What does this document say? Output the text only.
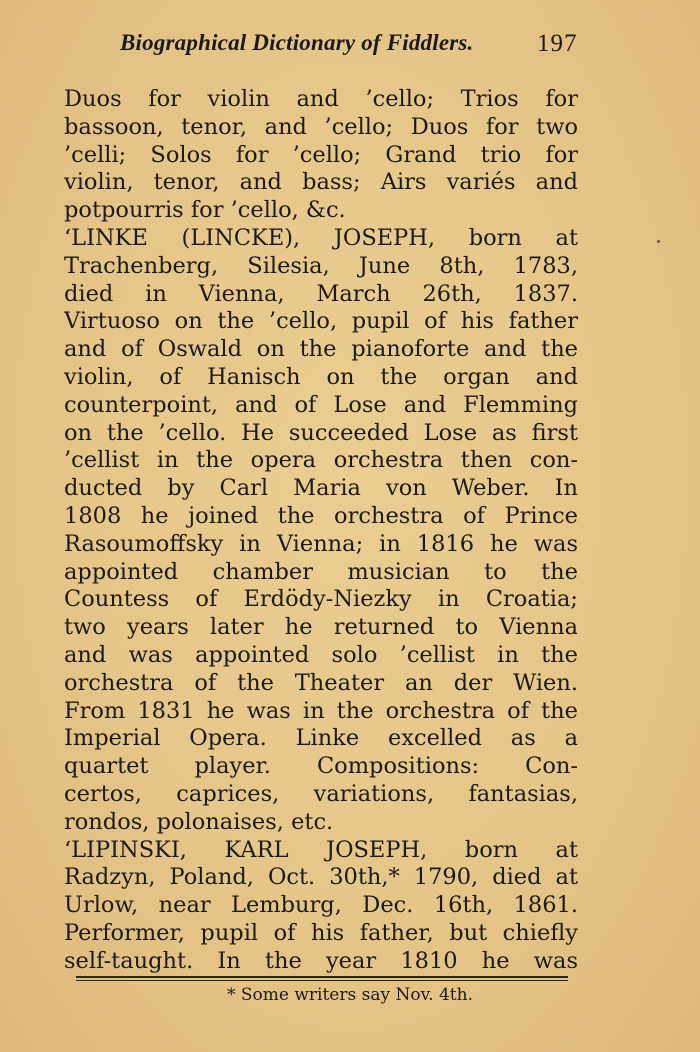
Biographical Dictionary of Fiddlers.	197
Duos for violin and ’cello; Trios for
bassoon, tenor, and ’cello; Duos for two
’celli; Solos for ’cello; Grand trio for
violin, tenor, and bass; Airs variés and
potpourris for ’cello, &c.
‘LINKE (LINCKE), JOSEPH, born at
Trachenberg, Silesia, June 8th, 1783,
died in Vienna, March 26th, 1837.
Virtuoso on the ’cello, pupil of his father
and of Oswald on the pianoforte and the
violin, of Hanisch on the organ and
counterpoint, and of Lose and Flemming
on the ’cello. He succeeded Lose as first
’cellist in the opera orchestra then con-
ducted by Carl Maria von Weber. In
1808 he joined the orchestra of Prince
Rasoumoffsky in Vienna; in 1816 he was
appointed chamber musician to the
Countess of Erdödy-Niezky in Croatia;
two years later he returned to Vienna
and was appointed solo ’cellist in the
orchestra of the Theater an der Wien.
From 1831 he was in the orchestra of the
Imperial Opera. Linke excelled as a
quartet player. Compositions: Con-
certos, caprices, variations, fantasias,
rondos, polonaises, etc.
‘LIPINSKI, KARL JOSEPH, born at
Radzyn, Poland, Oct. 30th,* 1790, died at
Urlow, near Lemburg, Dec. 16th, 1861.
Performer, pupil of his father, but chiefly
self-taught. In the year 1810 he was
* Some writers say Nov. 4th.
